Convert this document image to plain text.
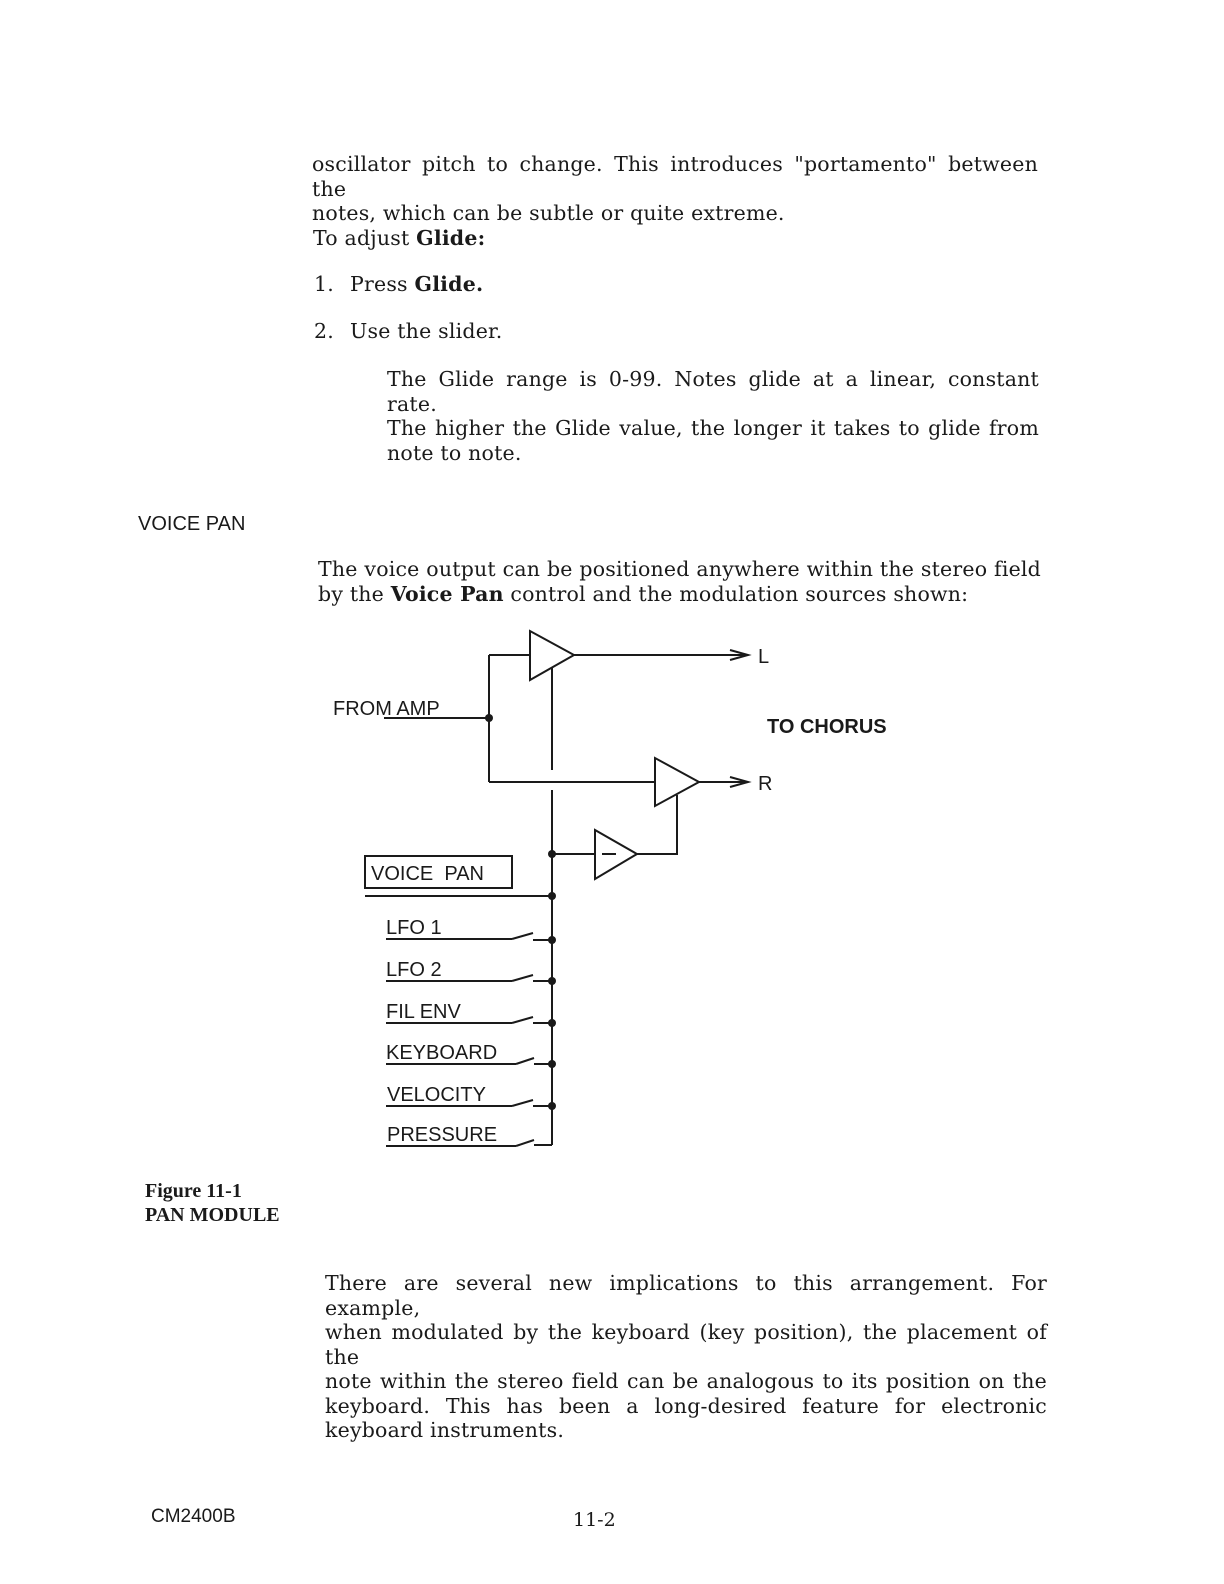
oscillator pitch to change. This introduces "portamento" between the

notes, which can be subtle or quite extreme.

To adjust Glide:
1. Press Glide.
2. Use the slider.

The Glide range is 0-99. Notes glide at a linear, constant rate.

The higher the Glide value, the longer it takes to glide from

note to note.

VOICE PAN

The voice output can be positioned anywhere within the stereo field

by the Voice Pan control and the modulation sources shown:

FROM AMP
L
R
TO CHORUS
VOICE  PAN
LFO 1
LFO 2
FIL ENV
KEYBOARD
VELOCITY
PRESSURE
Figure 11-1
PAN MODULE

There are several new implications to this arrangement. For example,

when modulated by the keyboard (key position), the placement of the

note within the stereo field can be analogous to its position on the

keyboard. This has been a long-desired feature for electronic

keyboard instruments.

CM2400B	11-2
